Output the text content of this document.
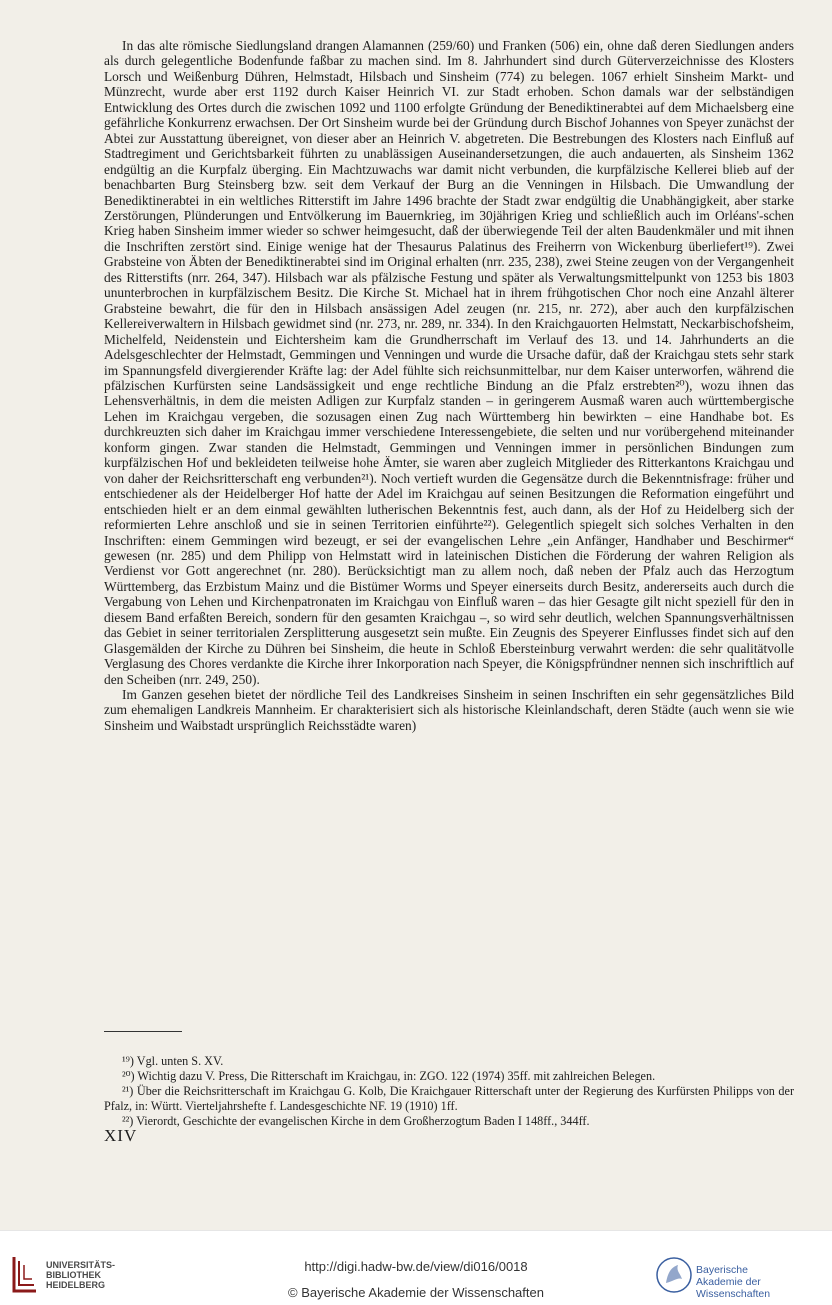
In das alte römische Siedlungsland drangen Alamannen (259/60) und Franken (506) ein, ohne daß deren Siedlungen anders als durch gelegentliche Bodenfunde faßbar zu machen sind. Im 8. Jahrhundert sind durch Güterverzeichnisse des Klosters Lorsch und Weißenburg Dühren, Helmstadt, Hilsbach und Sinsheim (774) zu belegen. 1067 erhielt Sinsheim Markt- und Münzrecht, wurde aber erst 1192 durch Kaiser Heinrich VI. zur Stadt erhoben. Schon damals war der selbständigen Entwicklung des Ortes durch die zwischen 1092 und 1100 erfolgte Gründung der Benediktinerabtei auf dem Michaelsberg eine gefährliche Konkurrenz erwachsen. Der Ort Sinsheim wurde bei der Gründung durch Bischof Johannes von Speyer zunächst der Abtei zur Ausstattung übereignet, von dieser aber an Heinrich V. abgetreten. Die Bestrebungen des Klosters nach Einfluß auf Stadtregiment und Gerichtsbarkeit führten zu unablässigen Auseinandersetzungen, die auch andauerten, als Sinsheim 1362 endgültig an die Kurpfalz überging. Ein Machtzuwachs war damit nicht verbunden, die kurpfälzische Kellerei blieb auf der benachbarten Burg Steinsberg bzw. seit dem Verkauf der Burg an die Venningen in Hilsbach. Die Umwandlung der Benediktinerabtei in ein weltliches Ritterstift im Jahre 1496 brachte der Stadt zwar endgültig die Unabhängigkeit, aber starke Zerstörungen, Plünderungen und Entvölkerung im Bauernkrieg, im 30jährigen Krieg und schließlich auch im Orléans'-schen Krieg haben Sinsheim immer wieder so schwer heimgesucht, daß der überwiegende Teil der alten Baudenkmäler und mit ihnen die Inschriften zerstört sind. Einige wenige hat der Thesaurus Palatinus des Freiherrn von Wickenburg überliefert¹⁹). Zwei Grabsteine von Äbten der Benediktinerabtei sind im Original erhalten (nrr. 235, 238), zwei Steine zeugen von der Vergangenheit des Ritterstifts (nrr. 264, 347). Hilsbach war als pfälzische Festung und später als Verwaltungsmittelpunkt von 1253 bis 1803 ununterbrochen in kurpfälzischem Besitz. Die Kirche St. Michael hat in ihrem frühgotischen Chor noch eine Anzahl älterer Grabsteine bewahrt, die für den in Hilsbach ansässigen Adel zeugen (nr. 215, nr. 272), aber auch den kurpfälzischen Kellereiverwaltern in Hilsbach gewidmet sind (nr. 273, nr. 289, nr. 334). In den Kraichgauorten Helmstatt, Neckarbischofsheim, Michelfeld, Neidenstein und Eichtersheim kam die Grundherrschaft im Verlauf des 13. und 14. Jahrhunderts an die Adelsgeschlechter der Helmstadt, Gemmingen und Venningen und wurde die Ursache dafür, daß der Kraichgau stets sehr stark im Spannungsfeld divergierender Kräfte lag: der Adel fühlte sich reichsunmittelbar, nur dem Kaiser unterworfen, während die pfälzischen Kurfürsten seine Landsässigkeit und enge rechtliche Bindung an die Pfalz erstrebten²⁰), wozu ihnen das Lehensverhältnis, in dem die meisten Adligen zur Kurpfalz standen – in geringerem Ausmaß waren auch württembergische Lehen im Kraichgau vergeben, die sozusagen einen Zug nach Württemberg hin bewirkten – eine Handhabe bot. Es durchkreuzten sich daher im Kraichgau immer verschiedene Interessengebiete, die selten und nur vorübergehend miteinander konform gingen. Zwar standen die Helmstadt, Gemmingen und Venningen immer in persönlichen Bindungen zum kurpfälzischen Hof und bekleideten teilweise hohe Ämter, sie waren aber zugleich Mitglieder des Ritterkantons Kraichgau und von daher der Reichsritterschaft eng verbunden²¹). Noch vertieft wurden die Gegensätze durch die Bekenntnisfrage: früher und entschiedener als der Heidelberger Hof hatte der Adel im Kraichgau auf seinen Besitzungen die Reformation eingeführt und entschieden hielt er an dem einmal gewählten lutherischen Bekenntnis fest, auch dann, als der Hof zu Heidelberg sich der reformierten Lehre anschloß und sie in seinen Territorien einführte²²). Gelegentlich spiegelt sich solches Verhalten in den Inschriften: einem Gemmingen wird bezeugt, er sei der evangelischen Lehre „ein Anfänger, Handhaber und Beschirmer“ gewesen (nr. 285) und dem Philipp von Helmstatt wird in lateinischen Distichen die Förderung der wahren Religion als Verdienst vor Gott angerechnet (nr. 280). Berücksichtigt man zu allem noch, daß neben der Pfalz auch das Herzogtum Württemberg, das Erzbistum Mainz und die Bistümer Worms und Speyer einerseits durch Besitz, andererseits auch durch die Vergabung von Lehen und Kirchenpatronaten im Kraichgau von Einfluß waren – das hier Gesagte gilt nicht speziell für den in diesem Band erfaßten Bereich, sondern für den gesamten Kraichgau –, so wird sehr deutlich, welchen Spannungsverhältnissen das Gebiet in seiner territorialen Zersplitterung ausgesetzt sein mußte. Ein Zeugnis des Speyerer Einflusses findet sich auf den Glasgemälden der Kirche zu Dühren bei Sinsheim, die heute in Schloß Ebersteinburg verwahrt werden: die sehr qualitätvolle Verglasung des Chores verdankte die Kirche ihrer Inkorporation nach Speyer, die Königspfründner nennen sich inschriftlich auf den Scheiben (nrr. 249, 250).

Im Ganzen gesehen bietet der nördliche Teil des Landkreises Sinsheim in seinen Inschriften ein sehr gegensätzliches Bild zum ehemaligen Landkreis Mannheim. Er charakterisiert sich als historische Kleinlandschaft, deren Städte (auch wenn sie wie Sinsheim und Waibstadt ursprünglich Reichsstädte waren)

¹⁹) Vgl. unten S. XV.
²⁰) Wichtig dazu V. Press, Die Ritterschaft im Kraichgau, in: ZGO. 122 (1974) 35ff. mit zahlreichen Belegen.
²¹) Über die Reichsritterschaft im Kraichgau G. Kolb, Die Kraichgauer Ritterschaft unter der Regierung des Kurfürsten Philipps von der Pfalz, in: Württ. Vierteljahrshefte f. Landesgeschichte NF. 19 (1910) 1ff.
²²) Vierordt, Geschichte der evangelischen Kirche in dem Großherzogtum Baden I 148ff., 344ff.
XIV
UNIVERSITÄTS-
BIBLIOTHEK
HEIDELBERG
http://digi.hadw-bw.de/view/di016/0018
© Bayerische Akademie der Wissenschaften
Bayerische
Akademie der Wissenschaften
